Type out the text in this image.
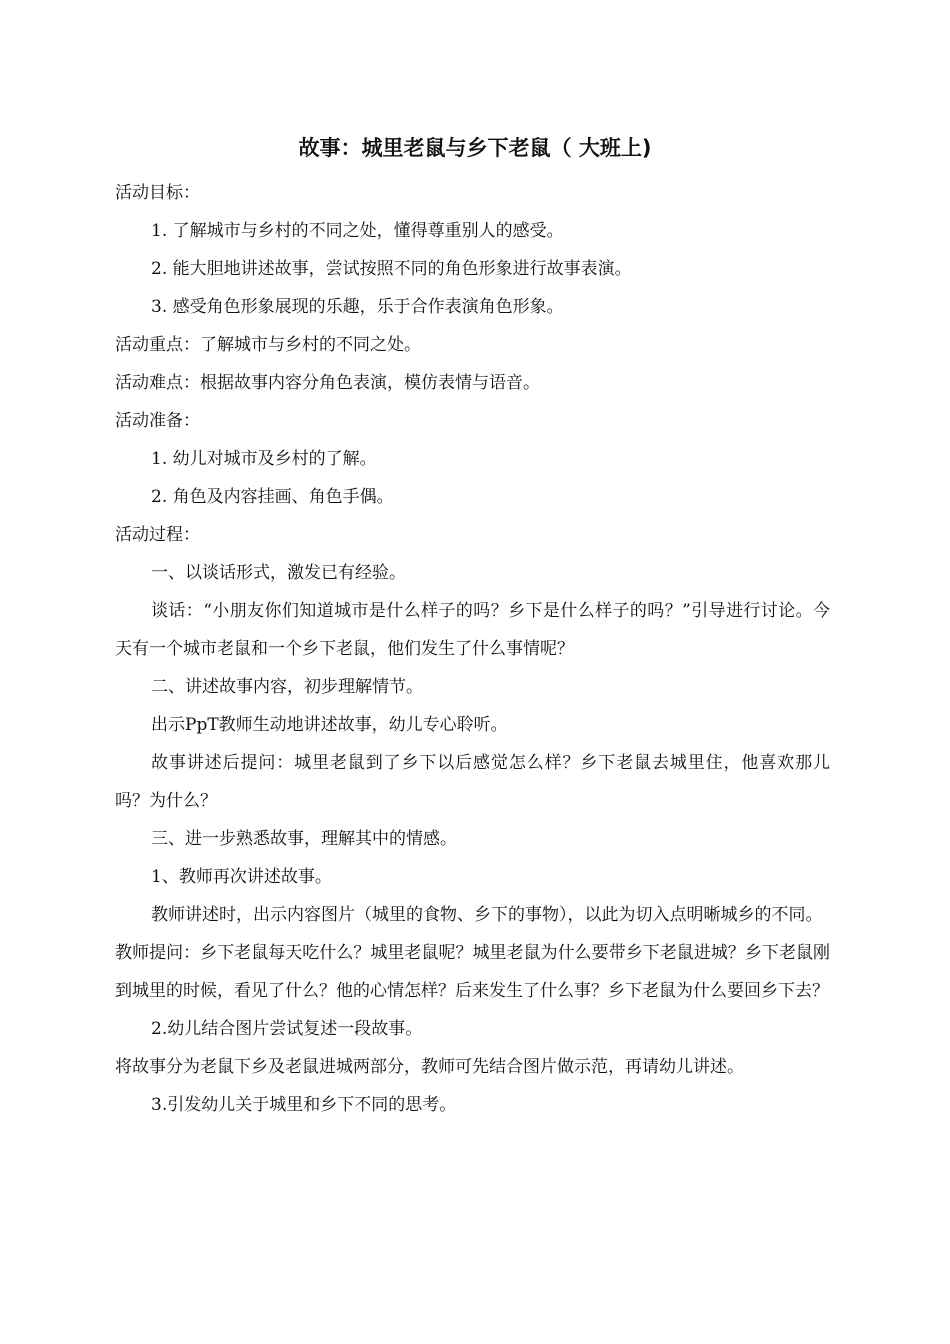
故事：城里老鼠与乡下老鼠（ 大班上)

活动目标：

1. 了解城市与乡村的不同之处，懂得尊重别人的感受。

2. 能大胆地讲述故事，尝试按照不同的角色形象进行故事表演。

3. 感受角色形象展现的乐趣，乐于合作表演角色形象。

活动重点：了解城市与乡村的不同之处。

活动难点：根据故事内容分角色表演，模仿表情与语音。

活动准备：

1. 幼儿对城市及乡村的了解。

2. 角色及内容挂画、角色手偶。

活动过程：

一、以谈话形式，激发已有经验。

谈话：“小朋友你们知道城市是什么样子的吗？乡下是什么样子的吗？”引导进行讨论。今天有一个城市老鼠和一个乡下老鼠，他们发生了什么事情呢？

二、讲述故事内容，初步理解情节。

出示PpT教师生动地讲述故事，幼儿专心聆听。

故事讲述后提问：城里老鼠到了乡下以后感觉怎么样？乡下老鼠去城里住，他喜欢那儿吗？为什么？

三、进一步熟悉故事，理解其中的情感。

1、教师再次讲述故事。

教师讲述时，出示内容图片（城里的食物、乡下的事物），以此为切入点明晰城乡的不同。

教师提问：乡下老鼠每天吃什么？城里老鼠呢？城里老鼠为什么要带乡下老鼠进城？乡下老鼠刚到城里的时候，看见了什么？他的心情怎样？后来发生了什么事？乡下老鼠为什么要回乡下去？

2.幼儿结合图片尝试复述一段故事。

将故事分为老鼠下乡及老鼠进城两部分，教师可先结合图片做示范，再请幼儿讲述。

3.引发幼儿关于城里和乡下不同的思考。
